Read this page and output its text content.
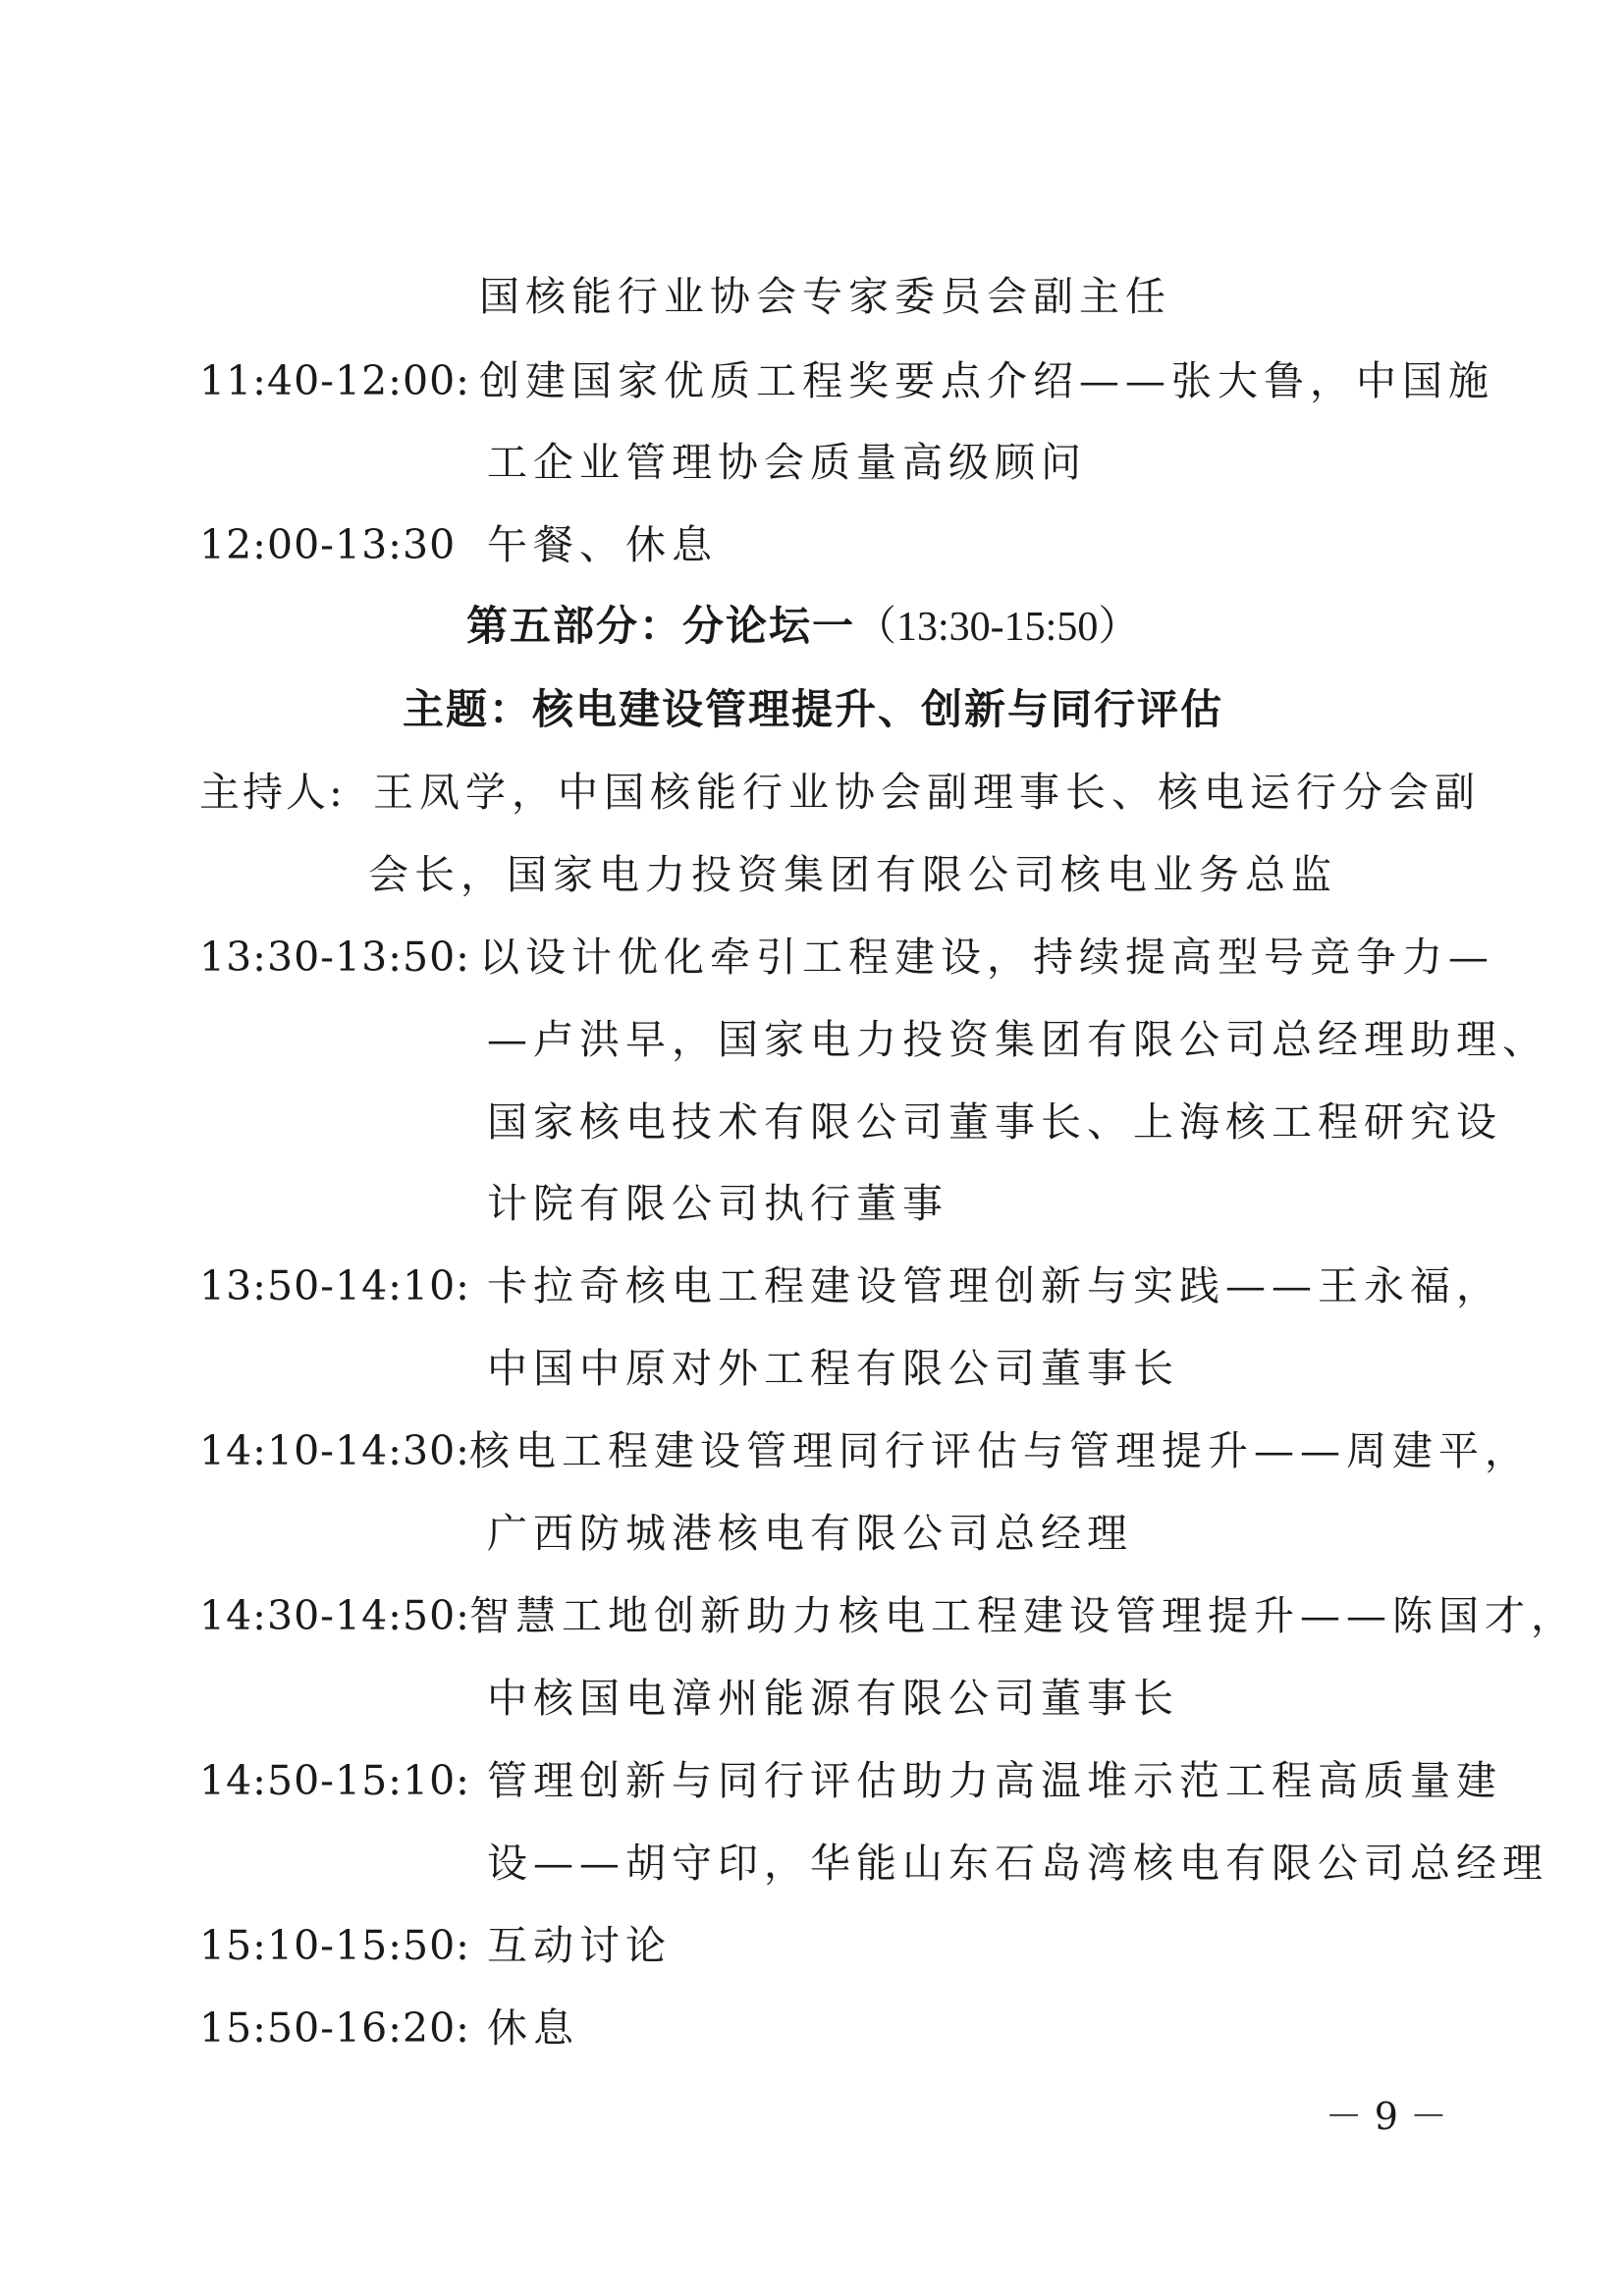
国核能行业协会专家委员会副主任
11:40-12:00: 创建国家优质工程奖要点介绍——张大鲁，中国施
工企业管理协会质量高级顾问
12:00-13:30 午餐、休息
第五部分：分论坛一（13:30-15:50）
主题：核电建设管理提升、创新与同行评估
主持人: 王凤学，中国核能行业协会副理事长、核电运行分会副
会长，国家电力投资集团有限公司核电业务总监
13:30-13:50: 以设计优化牵引工程建设，持续提高型号竞争力—
—卢洪早，国家电力投资集团有限公司总经理助理、
国家核电技术有限公司董事长、上海核工程研究设
计院有限公司执行董事
13:50-14:10: 卡拉奇核电工程建设管理创新与实践——王永福，
中国中原对外工程有限公司董事长
14:10-14:30: 核电工程建设管理同行评估与管理提升——周建平，
广西防城港核电有限公司总经理
14:30-14:50: 智慧工地创新助力核电工程建设管理提升——陈国才，
中核国电漳州能源有限公司董事长
14:50-15:10: 管理创新与同行评估助力高温堆示范工程高质量建
设——胡守印，华能山东石岛湾核电有限公司总经理
15:10-15:50: 互动讨论
15:50-16:20: 休息
－ 9 －
